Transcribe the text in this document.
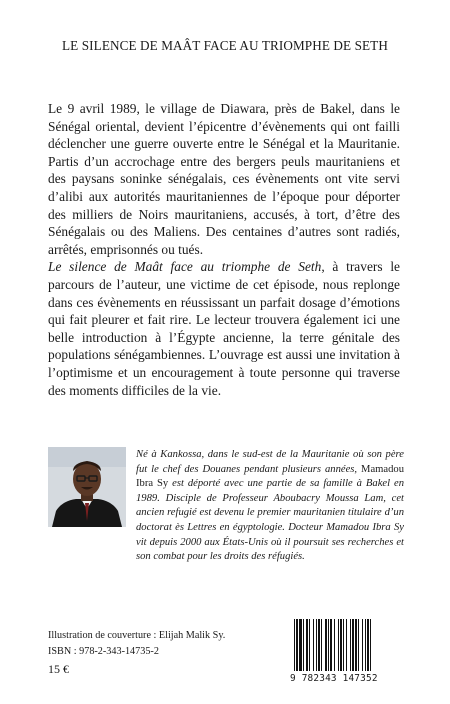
LE SILENCE DE MAÂT FACE AU TRIOMPHE DE SETH

Le 9 avril 1989, le village de Diawara, près de Bakel, dans le Sénégal oriental, devient l’épicentre d’évènements qui ont failli déclencher une guerre ouverte entre le Sénégal et la Mauritanie. Partis d’un accrochage entre des bergers peuls mauritaniens et des paysans soninke sénégalais, ces évènements ont vite servi d’alibi aux autorités mauritaniennes de l’époque pour déporter des milliers de Noirs mauritaniens, accusés, à tort, d’être des Sénégalais ou des Maliens. Des centaines d’autres sont radiés, arrêtés, emprisonnés ou tués.

Le silence de Maât face au triomphe de Seth, à travers le parcours de l’auteur, une victime de cet épisode, nous replonge dans ces évènements en réussissant un parfait dosage d’émotions qui fait pleurer et fait rire. Le lecteur trouvera également ici une belle introduction à l’Égypte ancienne, la terre génitale des populations sénégambiennes. L’ouvrage est aussi une invitation à l’optimisme et un encouragement à toute personne qui traverse des moments difficiles de la vie.

Né à Kankossa, dans le sud-est de la Mauritanie où son père fut le chef des Douanes pendant plusieurs années, Mamadou Ibra Sy est déporté avec une partie de sa famille à Bakel en 1989. Disciple de Professeur Aboubacry Moussa Lam, cet ancien refugié est devenu le premier mauritanien titulaire d’un doctorat ès Lettres en égyptologie. Docteur Mamadou Ibra Sy vit depuis 2000 aux États-Unis où il poursuit ses recherches et son combat pour les droits des réfugiés.

Illustration de couverture : Elijah Malik Sy.
ISBN : 978-2-343-14735-2
15 €
9 782343 147352
